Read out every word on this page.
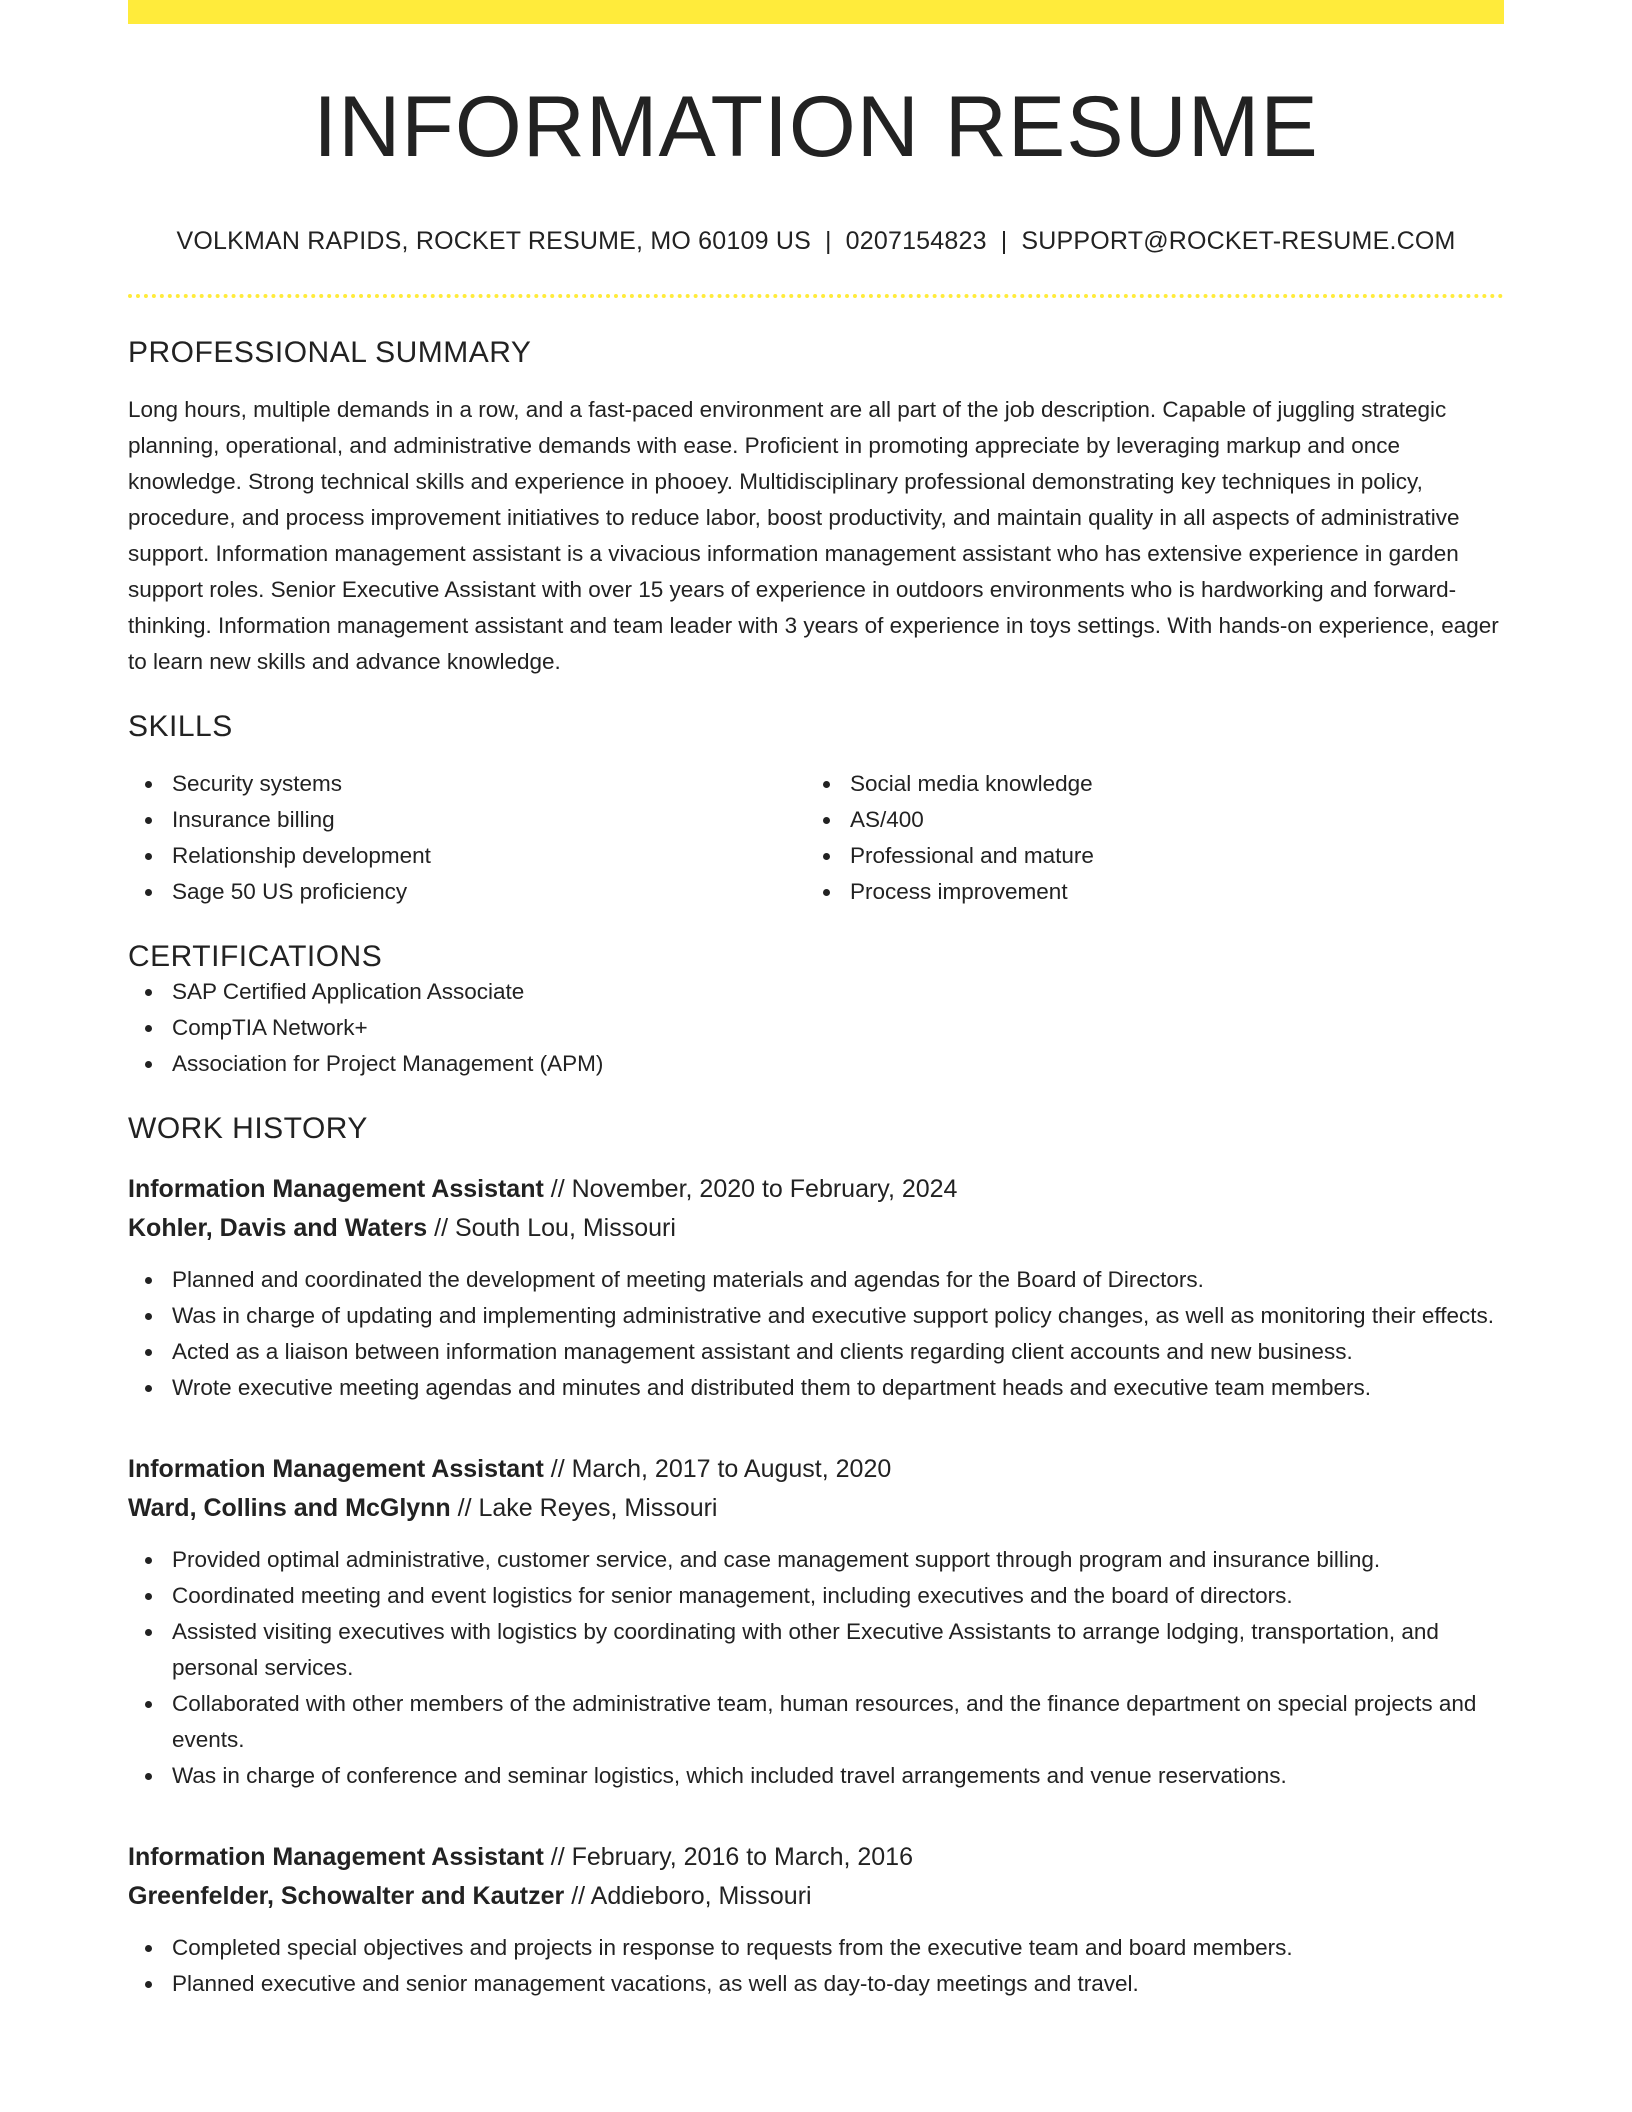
INFORMATION RESUME
VOLKMAN RAPIDS, ROCKET RESUME, MO 60109 US | 0207154823 | SUPPORT@ROCKET-RESUME.COM
PROFESSIONAL SUMMARY

Long hours, multiple demands in a row, and a fast-paced environment are all part of the job description. Capable of juggling strategic planning, operational, and administrative demands with ease. Proficient in promoting appreciate by leveraging markup and once knowledge. Strong technical skills and experience in phooey. Multidisciplinary professional demonstrating key techniques in policy, procedure, and process improvement initiatives to reduce labor, boost productivity, and maintain quality in all aspects of administrative support. Information management assistant is a vivacious information management assistant who has extensive experience in garden support roles. Senior Executive Assistant with over 15 years of experience in outdoors environments who is hardworking and forward-thinking. Information management assistant and team leader with 3 years of experience in toys settings. With hands-on experience, eager to learn new skills and advance knowledge.

SKILLS
Security systems
Insurance billing
Relationship development
Sage 50 US proficiency
Social media knowledge
AS/400
Professional and mature
Process improvement
CERTIFICATIONS
SAP Certified Application Associate
CompTIA Network+
Association for Project Management (APM)
WORK HISTORY
Information Management Assistant // November, 2020 to February, 2024
Kohler, Davis and Waters // South Lou, Missouri
Planned and coordinated the development of meeting materials and agendas for the Board of Directors.
Was in charge of updating and implementing administrative and executive support policy changes, as well as monitoring their effects.
Acted as a liaison between information management assistant and clients regarding client accounts and new business.
Wrote executive meeting agendas and minutes and distributed them to department heads and executive team members.
Information Management Assistant // March, 2017 to August, 2020
Ward, Collins and McGlynn // Lake Reyes, Missouri
Provided optimal administrative, customer service, and case management support through program and insurance billing.
Coordinated meeting and event logistics for senior management, including executives and the board of directors.
Assisted visiting executives with logistics by coordinating with other Executive Assistants to arrange lodging, transportation, and personal services.
Collaborated with other members of the administrative team, human resources, and the finance department on special projects and events.
Was in charge of conference and seminar logistics, which included travel arrangements and venue reservations.
Information Management Assistant // February, 2016 to March, 2016
Greenfelder, Schowalter and Kautzer // Addieboro, Missouri
Completed special objectives and projects in response to requests from the executive team and board members.
Planned executive and senior management vacations, as well as day-to-day meetings and travel.
